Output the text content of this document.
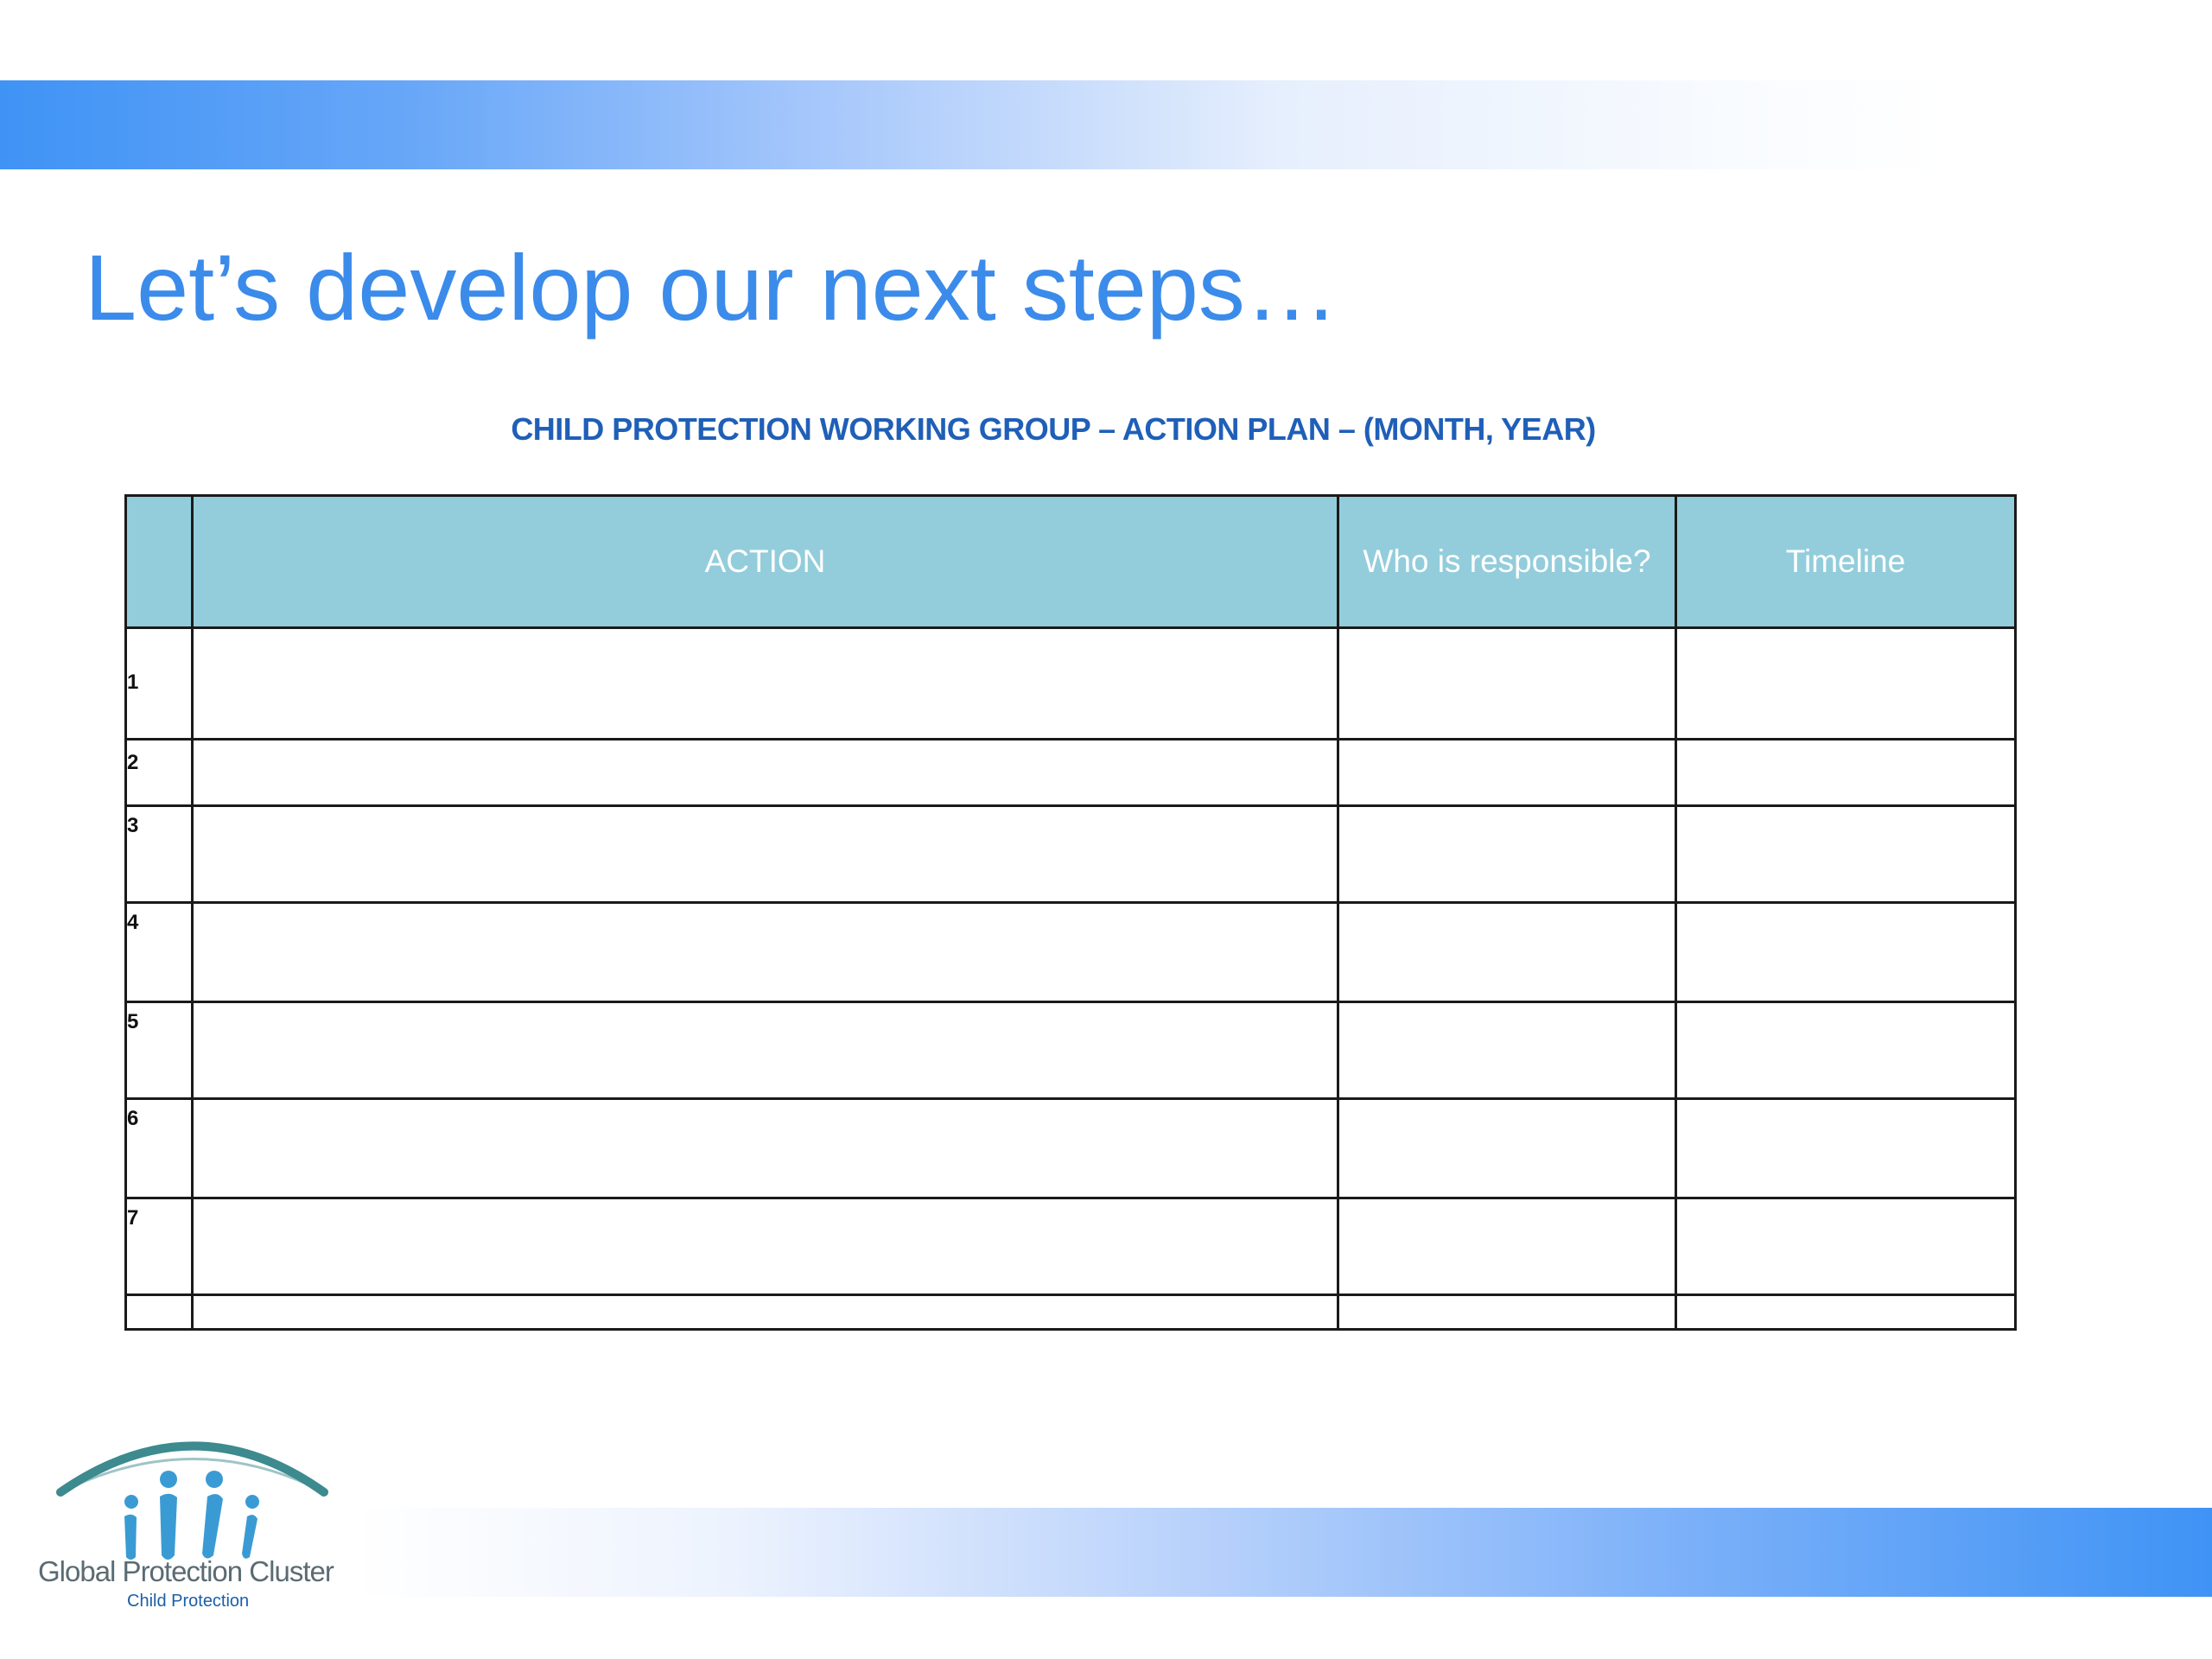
Let’s develop our next steps…
CHILD PROTECTION WORKING GROUP – ACTION PLAN – (MONTH, YEAR)
	ACTION	Who is responsible?	Timeline
1			
2			
3			
4			
5			
6			
7			

Global Protection Cluster
Child Protection
